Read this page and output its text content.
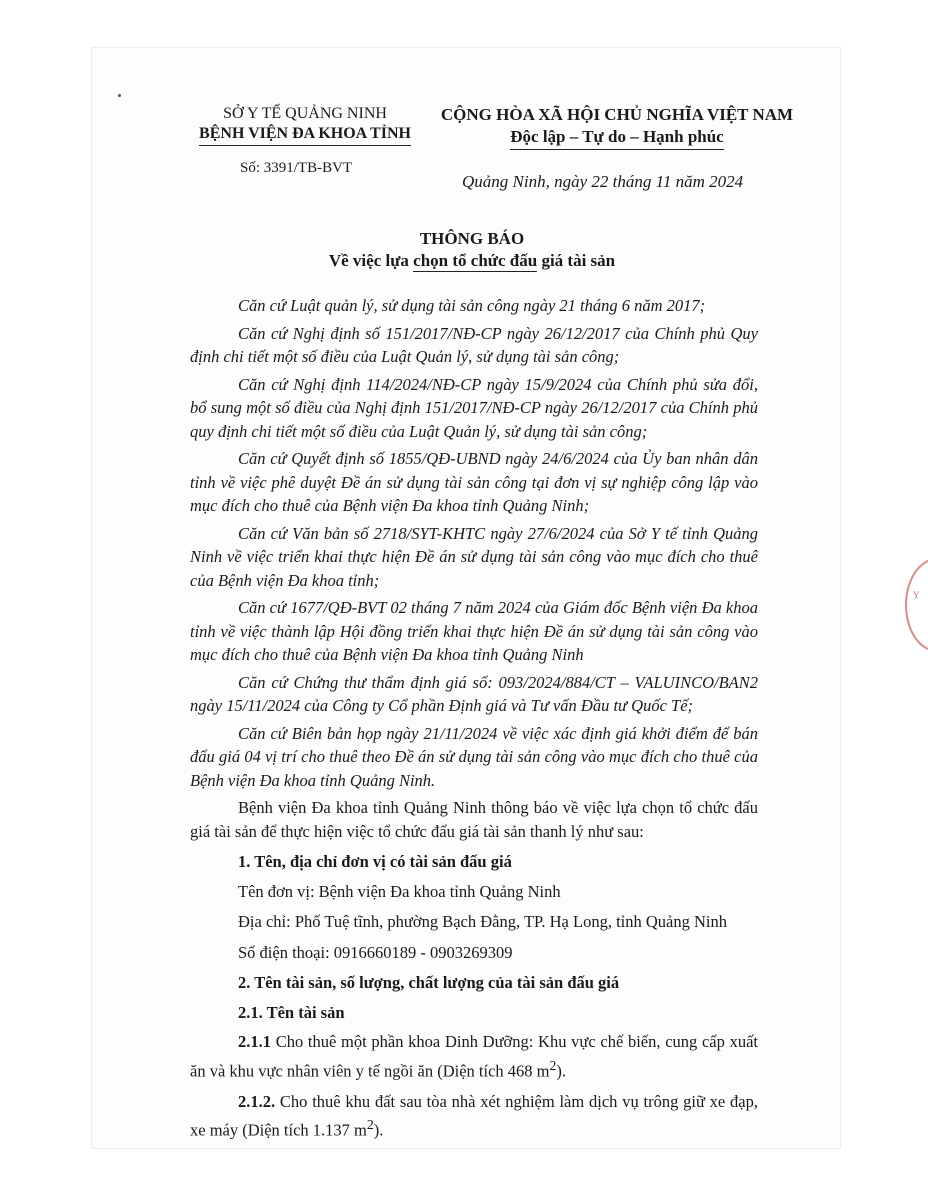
SỞ Y TẾ QUẢNG NINH
BỆNH VIỆN ĐA KHOA TỈNH
CỘNG HÒA XÃ HỘI CHỦ NGHĨA VIỆT NAM
Độc lập – Tự do – Hạnh phúc
Số: 3391/TB-BVT
Quảng Ninh, ngày 22 tháng 11 năm 2024
THÔNG BÁO
Về việc lựa chọn tổ chức đấu giá tài sản

Căn cứ Luật quản lý, sử dụng tài sản công ngày 21 tháng 6 năm 2017;

Căn cứ Nghị định số 151/2017/NĐ-CP ngày 26/12/2017 của Chính phủ Quy định chi tiết một số điều của Luật Quản lý, sử dụng tài sản công;

Căn cứ Nghị định 114/2024/NĐ-CP ngày 15/9/2024 của Chính phủ sửa đổi, bổ sung một số điều của Nghị định 151/2017/NĐ-CP ngày 26/12/2017 của Chính phủ quy định chi tiết một số điều của Luật Quản lý, sử dụng tài sản công;

Căn cứ Quyết định số 1855/QĐ-UBND ngày 24/6/2024 của Ủy ban nhân dân tỉnh về việc phê duyệt Đề án sử dụng tài sản công tại đơn vị sự nghiệp công lập vào mục đích cho thuê của Bệnh viện Đa khoa tỉnh Quảng Ninh;

Căn cứ Văn bản số 2718/SYT-KHTC ngày 27/6/2024 của Sở Y tế tỉnh Quảng Ninh về việc triển khai thực hiện Đề án sử dụng tài sản công vào mục đích cho thuê của Bệnh viện Đa khoa tỉnh;

Căn cứ 1677/QĐ-BVT 02 tháng 7 năm 2024 của Giám đốc Bệnh viện Đa khoa tỉnh về việc thành lập Hội đồng triển khai thực hiện Đề án sử dụng tài sản công vào mục đích cho thuê của Bệnh viện Đa khoa tỉnh Quảng Ninh

Căn cứ Chứng thư thẩm định giá số: 093/2024/884/CT – VALUINCO/BAN2 ngày 15/11/2024 của Công ty Cổ phần Định giá và Tư vấn Đầu tư Quốc Tế;

Căn cứ Biên bản họp ngày 21/11/2024 về việc xác định giá khởi điểm để bán đấu giá 04 vị trí cho thuê theo Đề án sử dụng tài sản công vào mục đích cho thuê của Bệnh viện Đa khoa tỉnh Quảng Ninh.

Bệnh viện Đa khoa tỉnh Quảng Ninh thông báo về việc lựa chọn tổ chức đấu giá tài sản để thực hiện việc tổ chức đấu giá tài sản thanh lý như sau:

1. Tên, địa chỉ đơn vị có tài sản đấu giá

Tên đơn vị: Bệnh viện Đa khoa tỉnh Quảng Ninh

Địa chỉ: Phố Tuệ tĩnh, phường Bạch Đằng, TP. Hạ Long, tỉnh Quảng Ninh

Số điện thoại: 0916660189 - 0903269309

2. Tên tài sản, số lượng, chất lượng của tài sản đấu giá

2.1. Tên tài sản

2.1.1 Cho thuê một phần khoa Dinh Dưỡng: Khu vực chế biến, cung cấp xuất ăn và khu vực nhân viên y tế ngồi ăn (Diện tích 468 $m^2$).

2.1.2. Cho thuê khu đất sau tòa nhà xét nghiệm làm dịch vụ trông giữ xe đạp, xe máy (Diện tích 1.137 $m^2$).

Y
